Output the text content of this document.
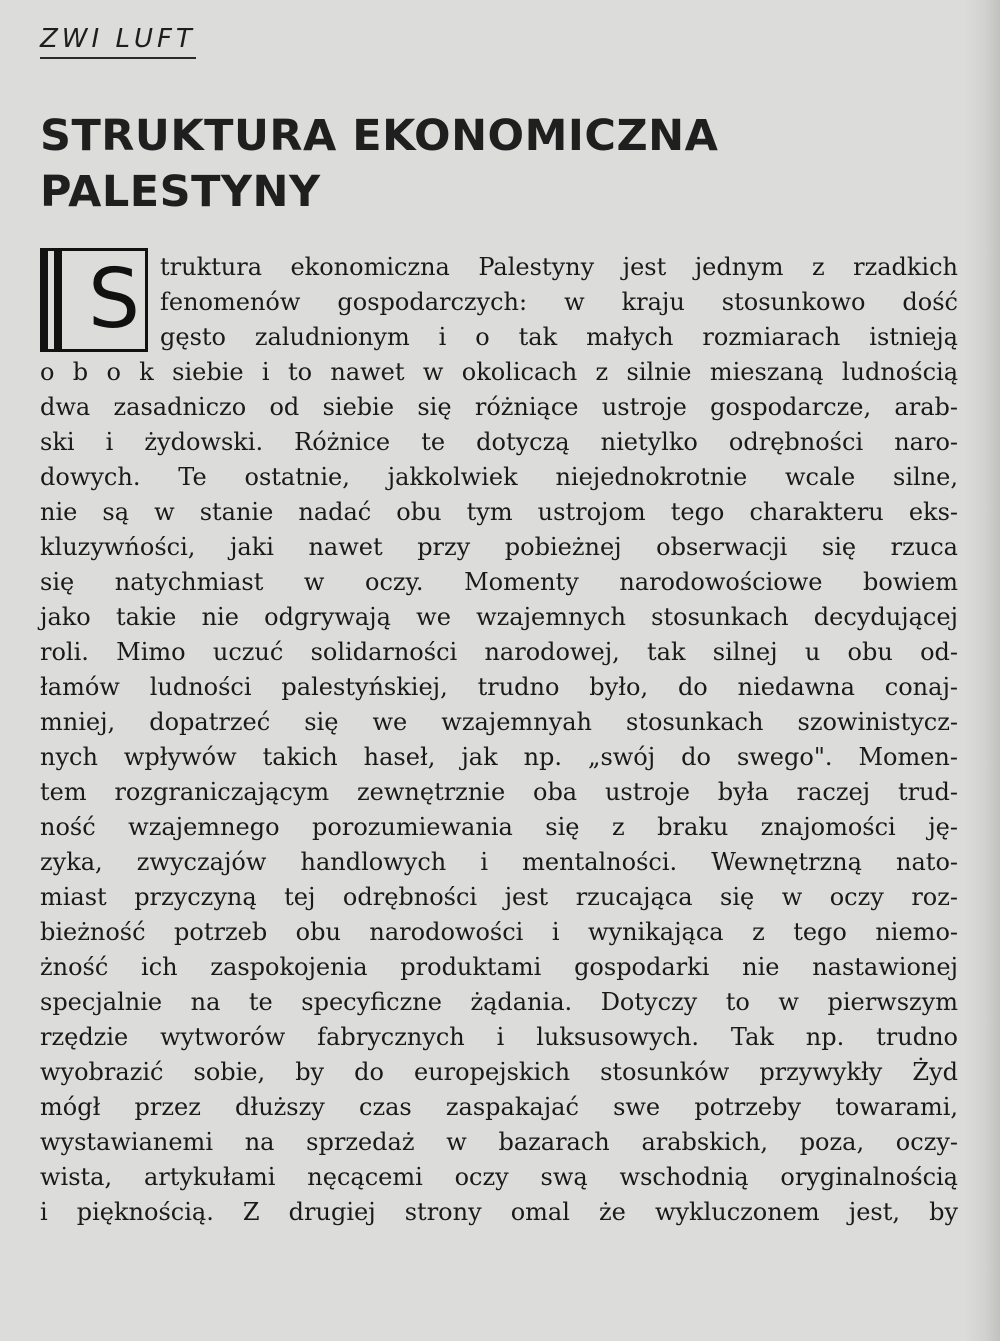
ZWI LUFT
STRUKTURA EKONOMICZNA
PALESTYNY
S truktura ekonomiczna Palestyny jest jednym z rzadkich
fenomenów gospodarczych: w kraju stosunkowo dość
gęsto zaludnionym i o tak małych rozmiarach istnieją
o b o k siebie i to nawet w okolicach z silnie mieszaną ludnością
dwa zasadniczo od siebie się różniące ustroje gospodarcze, arab-
ski i żydowski. Różnice te dotyczą nietylko odrębności naro-
dowych. Te ostatnie, jakkolwiek niejednokrotnie wcale silne,
nie są w stanie nadać obu tym ustrojom tego charakteru eks-
kluzywńości, jaki nawet przy pobieżnej obserwacji się rzuca
się natychmiast w oczy. Momenty narodowościowe bowiem
jako takie nie odgrywają we wzajemnych stosunkach decydującej
roli. Mimo uczuć solidarności narodowej, tak silnej u obu od-
łamów ludności palestyńskiej, trudno było, do niedawna conaj-
mniej, dopatrzeć się we wzajemnyah stosunkach szowinistycz-
nych wpływów takich haseł, jak np. „swój do swego". Momen-
tem rozgraniczającym zewnętrznie oba ustroje była raczej trud-
ność wzajemnego porozumiewania się z braku znajomości ję-
zyka, zwyczajów handlowych i mentalności. Wewnętrzną nato-
miast przyczyną tej odrębności jest rzucająca się w oczy roz-
bieżność potrzeb obu narodowości i wynikająca z tego niemo-
żność ich zaspokojenia produktami gospodarki nie nastawionej
specjalnie na te specyficzne żądania. Dotyczy to w pierwszym
rzędzie wytworów fabrycznych i luksusowych. Tak np. trudno
wyobrazić sobie, by do europejskich stosunków przywykły Żyd
mógł przez dłuższy czas zaspakajać swe potrzeby towarami,
wystawianemi na sprzedaż w bazarach arabskich, poza, oczy-
wista, artykułami nęcącemi oczy swą wschodnią oryginalnością
i pięknością. Z drugiej strony omal że wykluczonem jest, by
